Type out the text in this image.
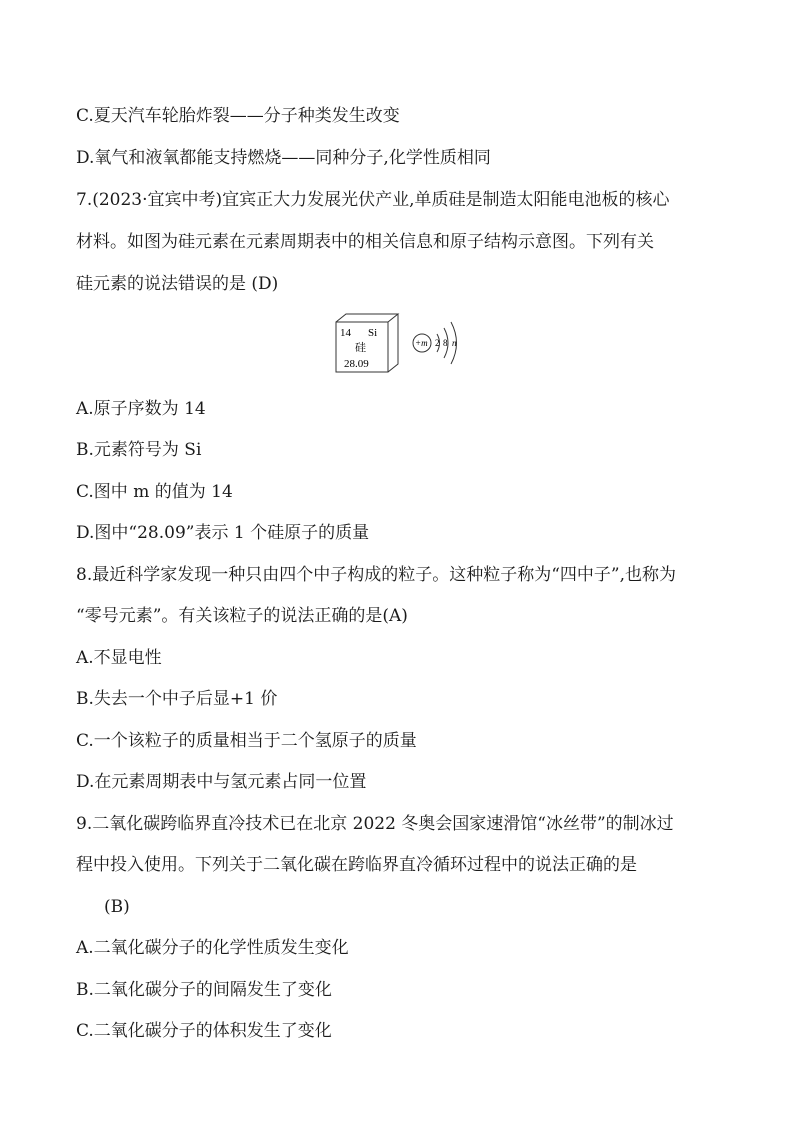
C.夏天汽车轮胎炸裂——分子种类发生改变
D.氧气和液氧都能支持燃烧——同种分子,化学性质相同
7.(2023·宜宾中考)宜宾正大力发展光伏产业,单质硅是制造太阳能电池板的核心
材料。如图为硅元素在元素周期表中的相关信息和原子结构示意图。下列有关
硅元素的说法错误的是 (D)
14 Si
硅
28.09
+m 2 8 n
A.原子序数为 14
B.元素符号为 Si
C.图中 m 的值为 14
D.图中“28.09”表示 1 个硅原子的质量
8.最近科学家发现一种只由四个中子构成的粒子。这种粒子称为“四中子”,也称为
“零号元素”。有关该粒子的说法正确的是(A)
A.不显电性
B.失去一个中子后显+1 价
C.一个该粒子的质量相当于二个氢原子的质量
D.在元素周期表中与氢元素占同一位置
9.二氧化碳跨临界直冷技术已在北京 2022 冬奥会国家速滑馆“冰丝带”的制冰过
程中投入使用。下列关于二氧化碳在跨临界直冷循环过程中的说法正确的是
(B)
A.二氧化碳分子的化学性质发生变化
B.二氧化碳分子的间隔发生了变化
C.二氧化碳分子的体积发生了变化
